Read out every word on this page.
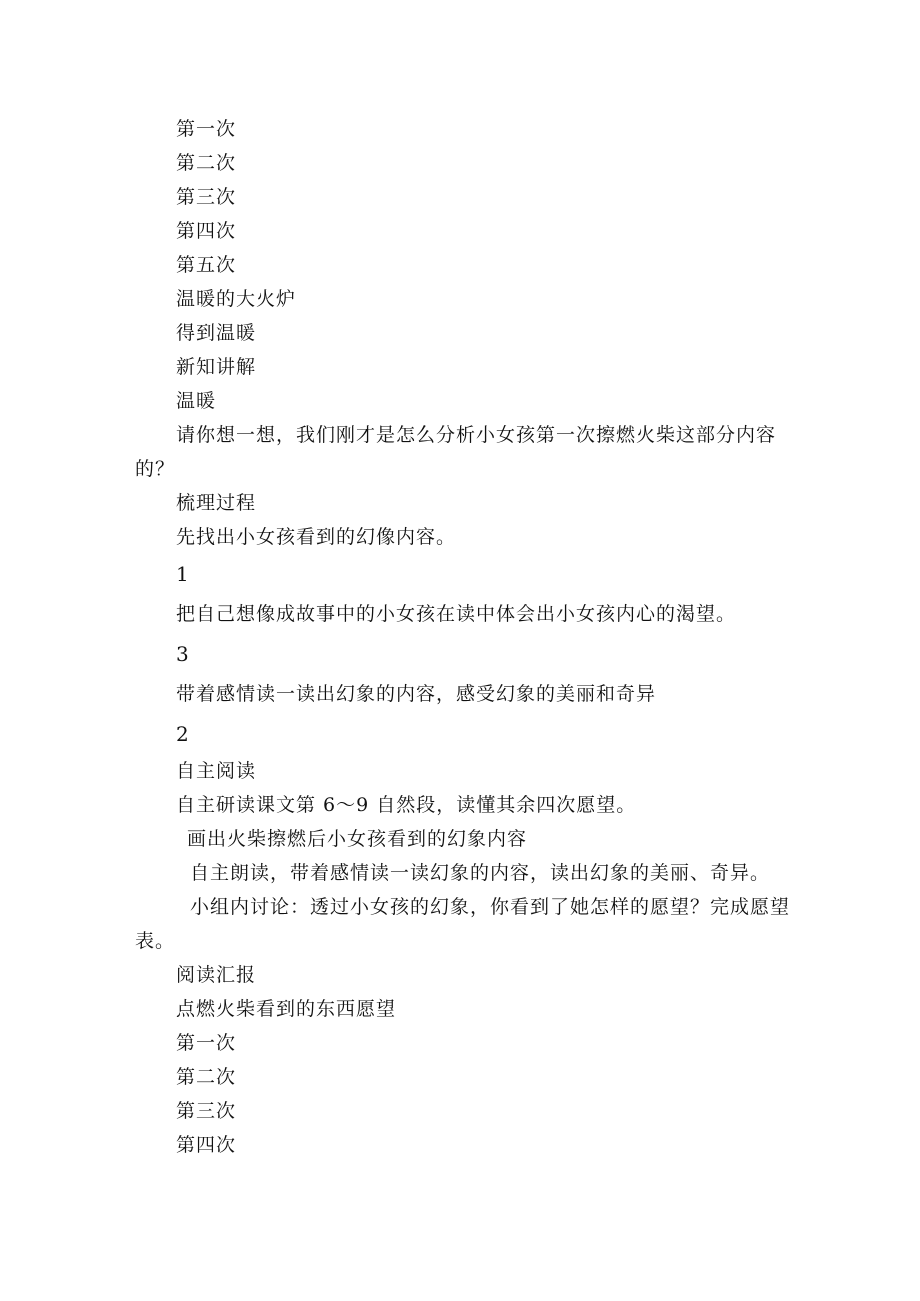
第一次
第二次
第三次
第四次
第五次
温暖的大火炉
得到温暖
新知讲解
温暖
请你想一想，我们刚才是怎么分析小女孩第一次擦燃火柴这部分内容
的？
梳理过程
先找出小女孩看到的幻像内容。
1
把自己想像成故事中的小女孩在读中体会出小女孩内心的渴望。
3
带着感情读一读出幻象的内容，感受幻象的美丽和奇异
2
自主阅读
自主研读课文第 6～9 自然段，读懂其余四次愿望。
画出火柴擦燃后小女孩看到的幻象内容
自主朗读，带着感情读一读幻象的内容，读出幻象的美丽、奇异。
小组内讨论：透过小女孩的幻象，你看到了她怎样的愿望？完成愿望
表。
阅读汇报
点燃火柴看到的东西愿望
第一次
第二次
第三次
第四次
